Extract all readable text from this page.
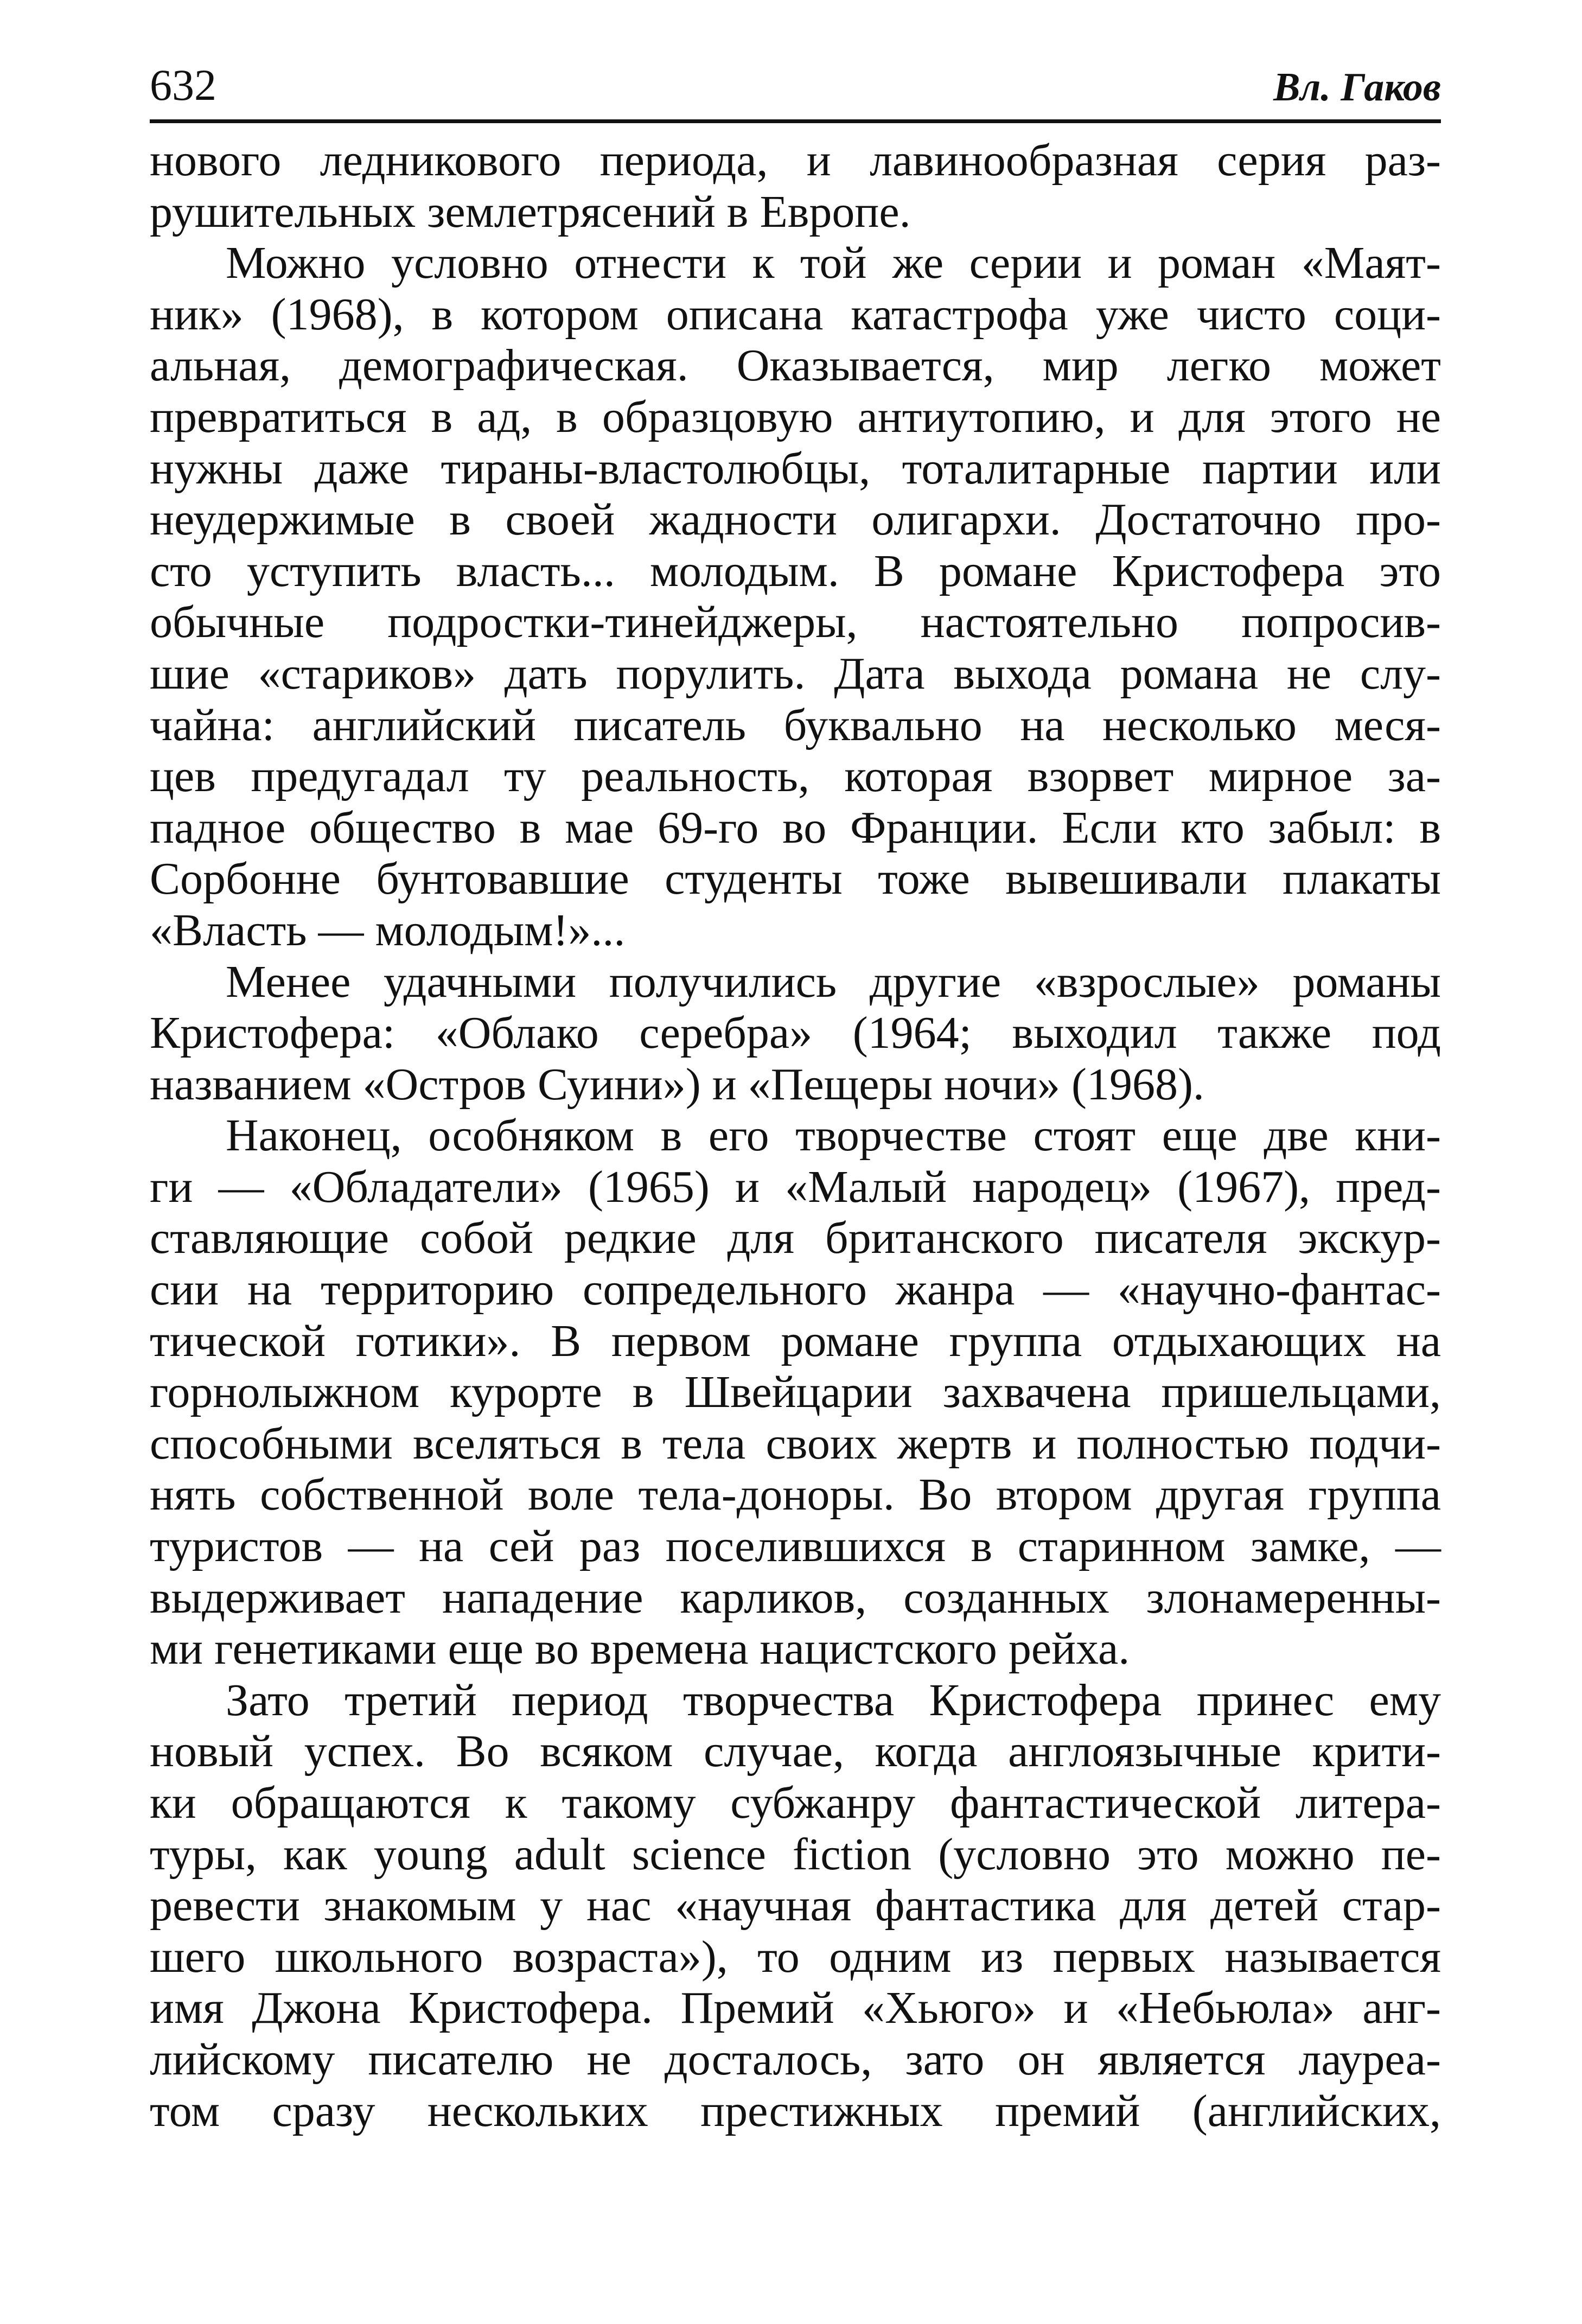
632	Вл. Гаков
нового ледникового периода, и лавинообразная серия раз-
рушительных землетрясений в Европе.
Можно условно отнести к той же серии и роман «Маят-
ник» (1968), в котором описана катастрофа уже чисто соци-
альная, демографическая. Оказывается, мир легко может
превратиться в ад, в образцовую антиутопию, и для этого не
нужны даже тираны-властолюбцы, тоталитарные партии или
неудержимые в своей жадности олигархи. Достаточно про-
сто уступить власть... молодым. В романе Кристофера это
обычные подростки-тинейджеры, настоятельно попросив-
шие «стариков» дать порулить. Дата выхода романа не слу-
чайна: английский писатель буквально на несколько меся-
цев предугадал ту реальность, которая взорвет мирное за-
падное общество в мае 69-го во Франции. Если кто забыл: в
Сорбонне бунтовавшие студенты тоже вывешивали плакаты
«Власть — молодым!»...
Менее удачными получились другие «взрослые» романы
Кристофера: «Облако серебра» (1964; выходил также под
названием «Остров Суини») и «Пещеры ночи» (1968).
Наконец, особняком в его творчестве стоят еще две кни-
ги — «Обладатели» (1965) и «Малый народец» (1967), пред-
ставляющие собой редкие для британского писателя экскур-
сии на территорию сопредельного жанра — «научно-фантас-
тической готики». В первом романе группа отдыхающих на
горнолыжном курорте в Швейцарии захвачена пришельцами,
способными вселяться в тела своих жертв и полностью подчи-
нять собственной воле тела-доноры. Во втором другая группа
туристов — на сей раз поселившихся в старинном замке, —
выдерживает нападение карликов, созданных злонамеренны-
ми генетиками еще во времена нацистского рейха.
Зато третий период творчества Кристофера принес ему
новый успех. Во всяком случае, когда англоязычные крити-
ки обращаются к такому субжанру фантастической литера-
туры, как young adult science fiction (условно это можно пе-
ревести знакомым у нас «научная фантастика для детей стар-
шего школьного возраста»), то одним из первых называется
имя Джона Кристофера. Премий «Хьюго» и «Небьюла» анг-
лийскому писателю не досталось, зато он является лауреа-
том сразу нескольких престижных премий (английских,
